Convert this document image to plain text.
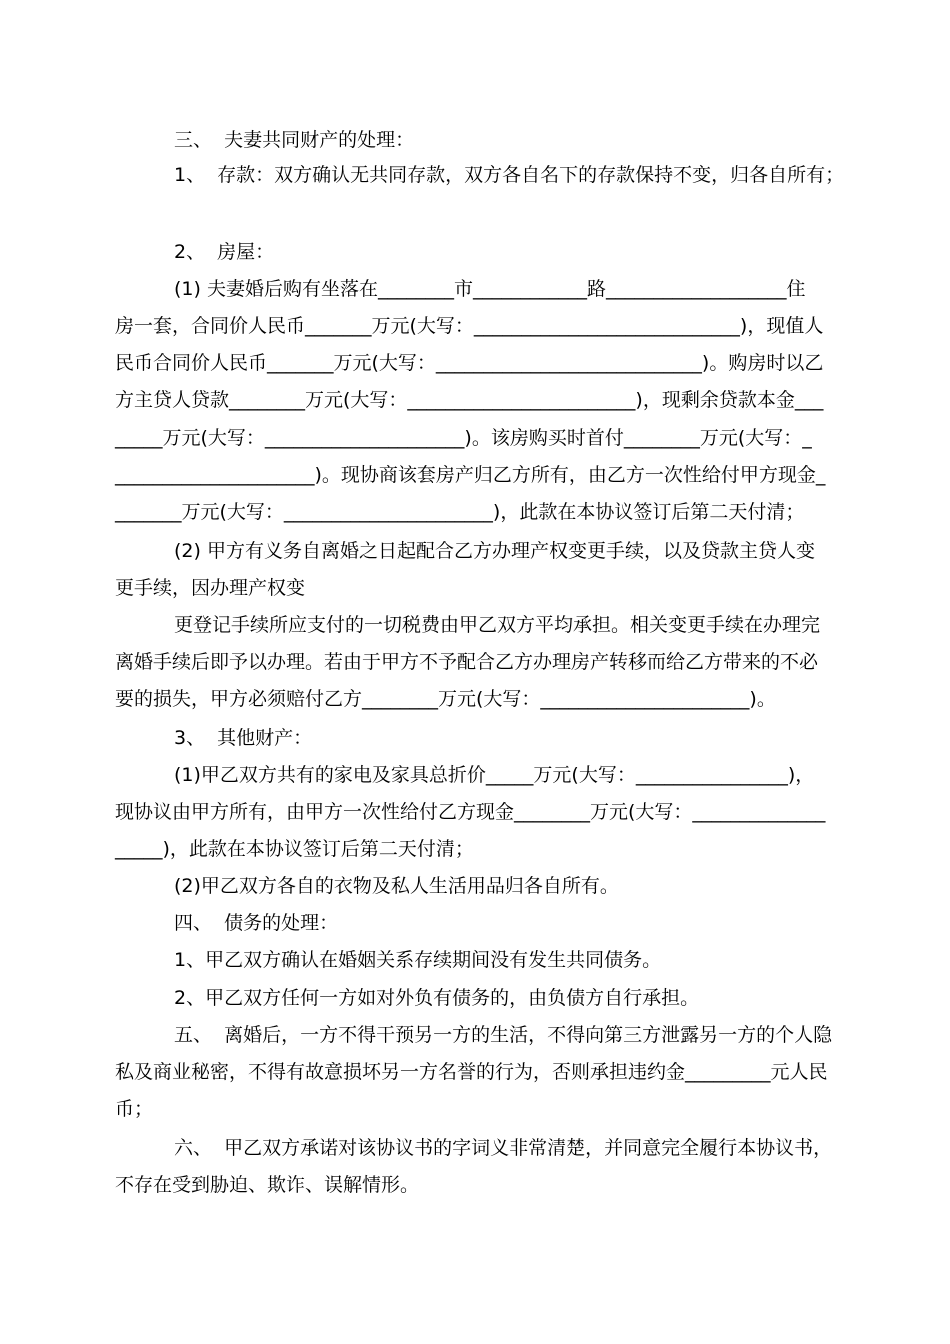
三、  夫妻共同财产的处理：

1、  存款：双方确认无共同存款，双方各自名下的存款保持不变，归各自所有；

2、  房屋：

(1) 夫妻婚后购有坐落在________市____________路___________________住

房一套，合同价人民币_______万元(大写：____________________________)，现值人

民币合同价人民币_______万元(大写：____________________________)。购房时以乙

方主贷人贷款________万元(大写：________________________)，现剩余贷款本金___

_____万元(大写：_____________________)。该房购买时首付________万元(大写：_

_____________________)。现协商该套房产归乙方所有，由乙方一次性给付甲方现金_

_______万元(大写：______________________)，此款在本协议签订后第二天付清；

(2) 甲方有义务自离婚之日起配合乙方办理产权变更手续，以及贷款主贷人变

更手续，因办理产权变

更登记手续所应支付的一切税费由甲乙双方平均承担。相关变更手续在办理完

离婚手续后即予以办理。若由于甲方不予配合乙方办理房产转移而给乙方带来的不必

要的损失，甲方必须赔付乙方________万元(大写：______________________)。

3、  其他财产：

(1)甲乙双方共有的家电及家具总折价_____万元(大写：________________)，

现协议由甲方所有，由甲方一次性给付乙方现金________万元(大写：______________

_____)，此款在本协议签订后第二天付清；

(2)甲乙双方各自的衣物及私人生活用品归各自所有。

四、  债务的处理：

1、甲乙双方确认在婚姻关系存续期间没有发生共同债务。

2、甲乙双方任何一方如对外负有债务的，由负债方自行承担。

五、  离婚后，一方不得干预另一方的生活，不得向第三方泄露另一方的个人隐

私及商业秘密，不得有故意损坏另一方名誉的行为，否则承担违约金_________元人民

币；

六、  甲乙双方承诺对该协议书的字词义非常清楚，并同意完全履行本协议书，

不存在受到胁迫、欺诈、误解情形。
